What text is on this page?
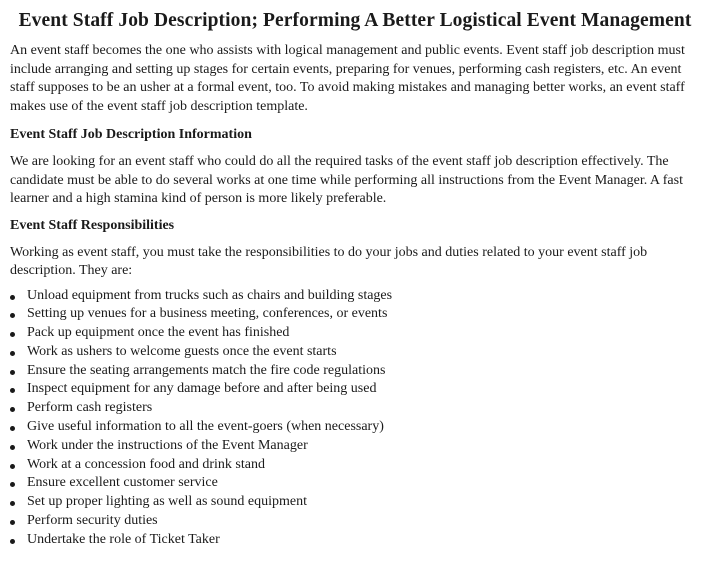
Event Staff Job Description; Performing A Better Logistical Event Management

An event staff becomes the one who assists with logical management and public events. Event staff job description must include arranging and setting up stages for certain events, preparing for venues, performing cash registers, etc. An event staff supposes to be an usher at a formal event, too. To avoid making mistakes and managing better works, an event staff makes use of the event staff job description template.

Event Staff Job Description Information

We are looking for an event staff who could do all the required tasks of the event staff job description effectively. The candidate must be able to do several works at one time while performing all instructions from the Event Manager. A fast learner and a high stamina kind of person is more likely preferable.

Event Staff Responsibilities

Working as event staff, you must take the responsibilities to do your jobs and duties related to your event staff job description. They are:

Unload equipment from trucks such as chairs and building stages
Setting up venues for a business meeting, conferences, or events
Pack up equipment once the event has finished
Work as ushers to welcome guests once the event starts
Ensure the seating arrangements match the fire code regulations
Inspect equipment for any damage before and after being used
Perform cash registers
Give useful information to all the event-goers (when necessary)
Work under the instructions of the Event Manager
Work at a concession food and drink stand
Ensure excellent customer service
Set up proper lighting as well as sound equipment
Perform security duties
Undertake the role of Ticket Taker
